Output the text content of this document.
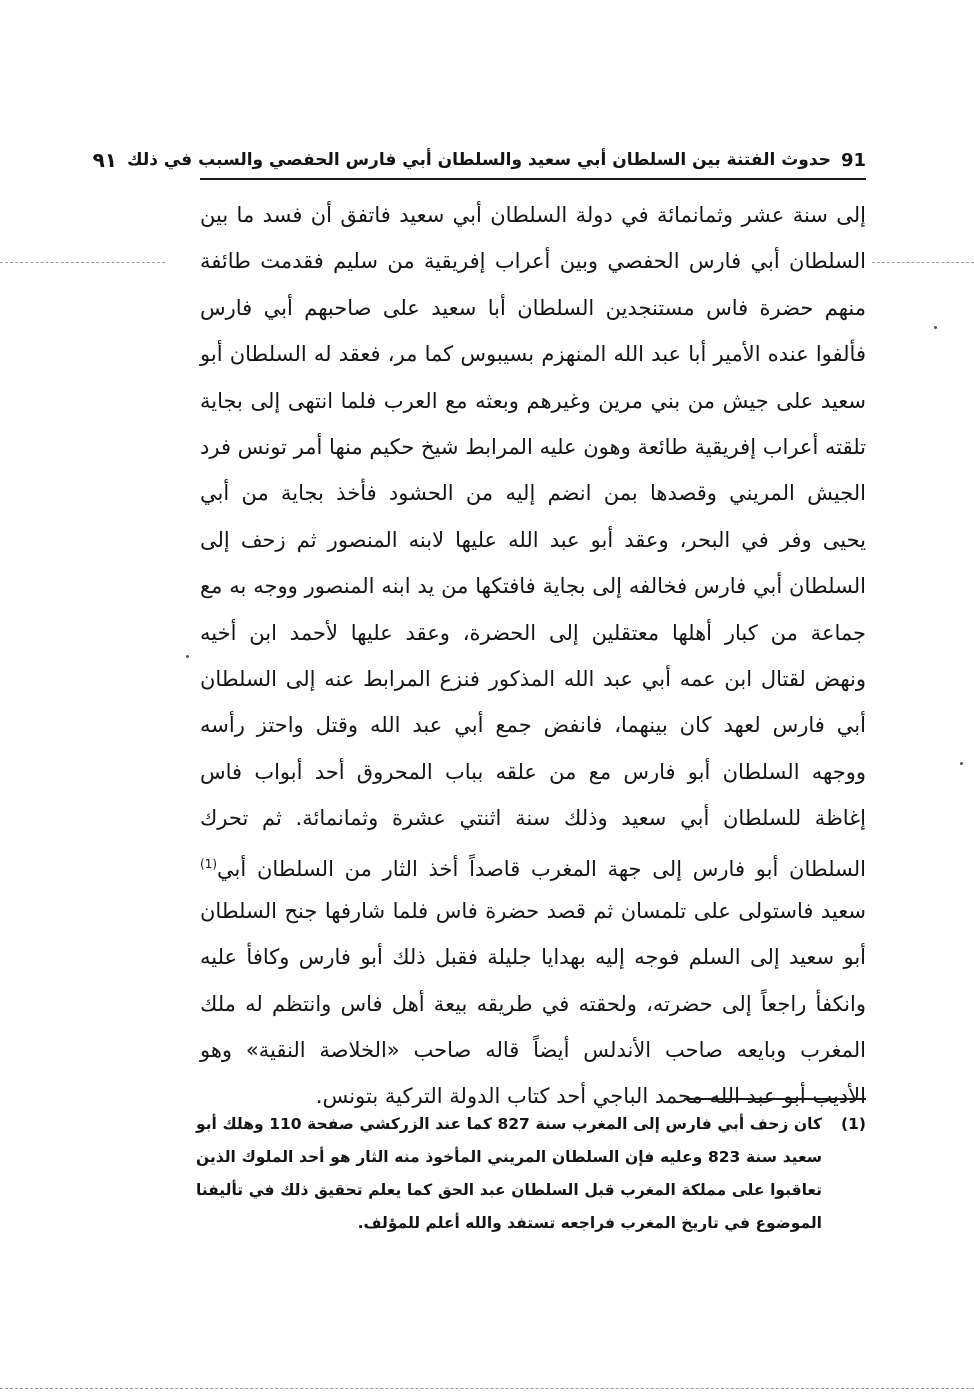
91
حدوث الفتنة بين السلطان أبي سعيد والسلطان أبي فارس الحفصي والسبب في ذلك
٩١
إلى سنة عشر وثمانمائة في دولة السلطان أبي سعيد فاتفق أن فسد ما بين
السلطان أبي فارس الحفصي وبين أعراب إفريقية من سليم فقدمت طائفة
منهم حضرة فاس مستنجدين السلطان أبا سعيد على صاحبهم أبي فارس
فألفوا عنده الأمير أبا عبد الله المنهزم بسيبوس كما مر، فعقد له السلطان أبو
سعيد على جيش من بني مرين وغيرهم وبعثه مع العرب فلما انتهى إلى بجاية
تلقته أعراب إفريقية طائعة وهون عليه المرابط شيخ حكيم منها أمر تونس فرد
الجيش المريني وقصدها بمن انضم إليه من الحشود فأخذ بجاية من أبي
يحيى وفر في البحر، وعقد أبو عبد الله عليها لابنه المنصور ثم زحف إلى
السلطان أبي فارس فخالفه إلى بجاية فافتكها من يد ابنه المنصور ووجه به مع
جماعة من كبار أهلها معتقلين إلى الحضرة، وعقد عليها لأحمد ابن أخيه
ونهض لقتال ابن عمه أبي عبد الله المذكور فنزع المرابط عنه إلى السلطان
أبي فارس لعهد كان بينهما، فانفض جمع أبي عبد الله وقتل واحتز رأسه
ووجهه السلطان أبو فارس مع من علقه بباب المحروق أحد أبواب فاس
إغاظة للسلطان أبي سعيد وذلك سنة اثنتي عشرة وثمانمائة. ثم تحرك
السلطان أبو فارس إلى جهة المغرب قاصداً أخذ الثار من السلطان أبي$^{(1)}$
سعيد فاستولى على تلمسان ثم قصد حضرة فاس فلما شارفها جنح السلطان
أبو سعيد إلى السلم فوجه إليه بهدايا جليلة فقبل ذلك أبو فارس وكافأ عليه
وانكفأ راجعاً إلى حضرته، ولحقته في طريقه بيعة أهل فاس وانتظم له ملك
المغرب وبايعه صاحب الأندلس أيضاً قاله صاحب «الخلاصة النقية» وهو
الأديب أبو عبد الله محمد الباجي أحد كتاب الدولة التركية بتونس.
(1)
كان زحف أبي فارس إلى المغرب سنة 827 كما عند الزركشي صفحة 110 وهلك أبو
سعيد سنة 823 وعليه فإن السلطان المريني المأخوذ منه الثار هو أحد الملوك الذين
تعاقبوا على مملكة المغرب قبل السلطان عبد الحق كما يعلم تحقيق ذلك في تأليفنا
الموضوع في تاريخ المغرب فراجعه تستفد والله أعلم للمؤلف.
